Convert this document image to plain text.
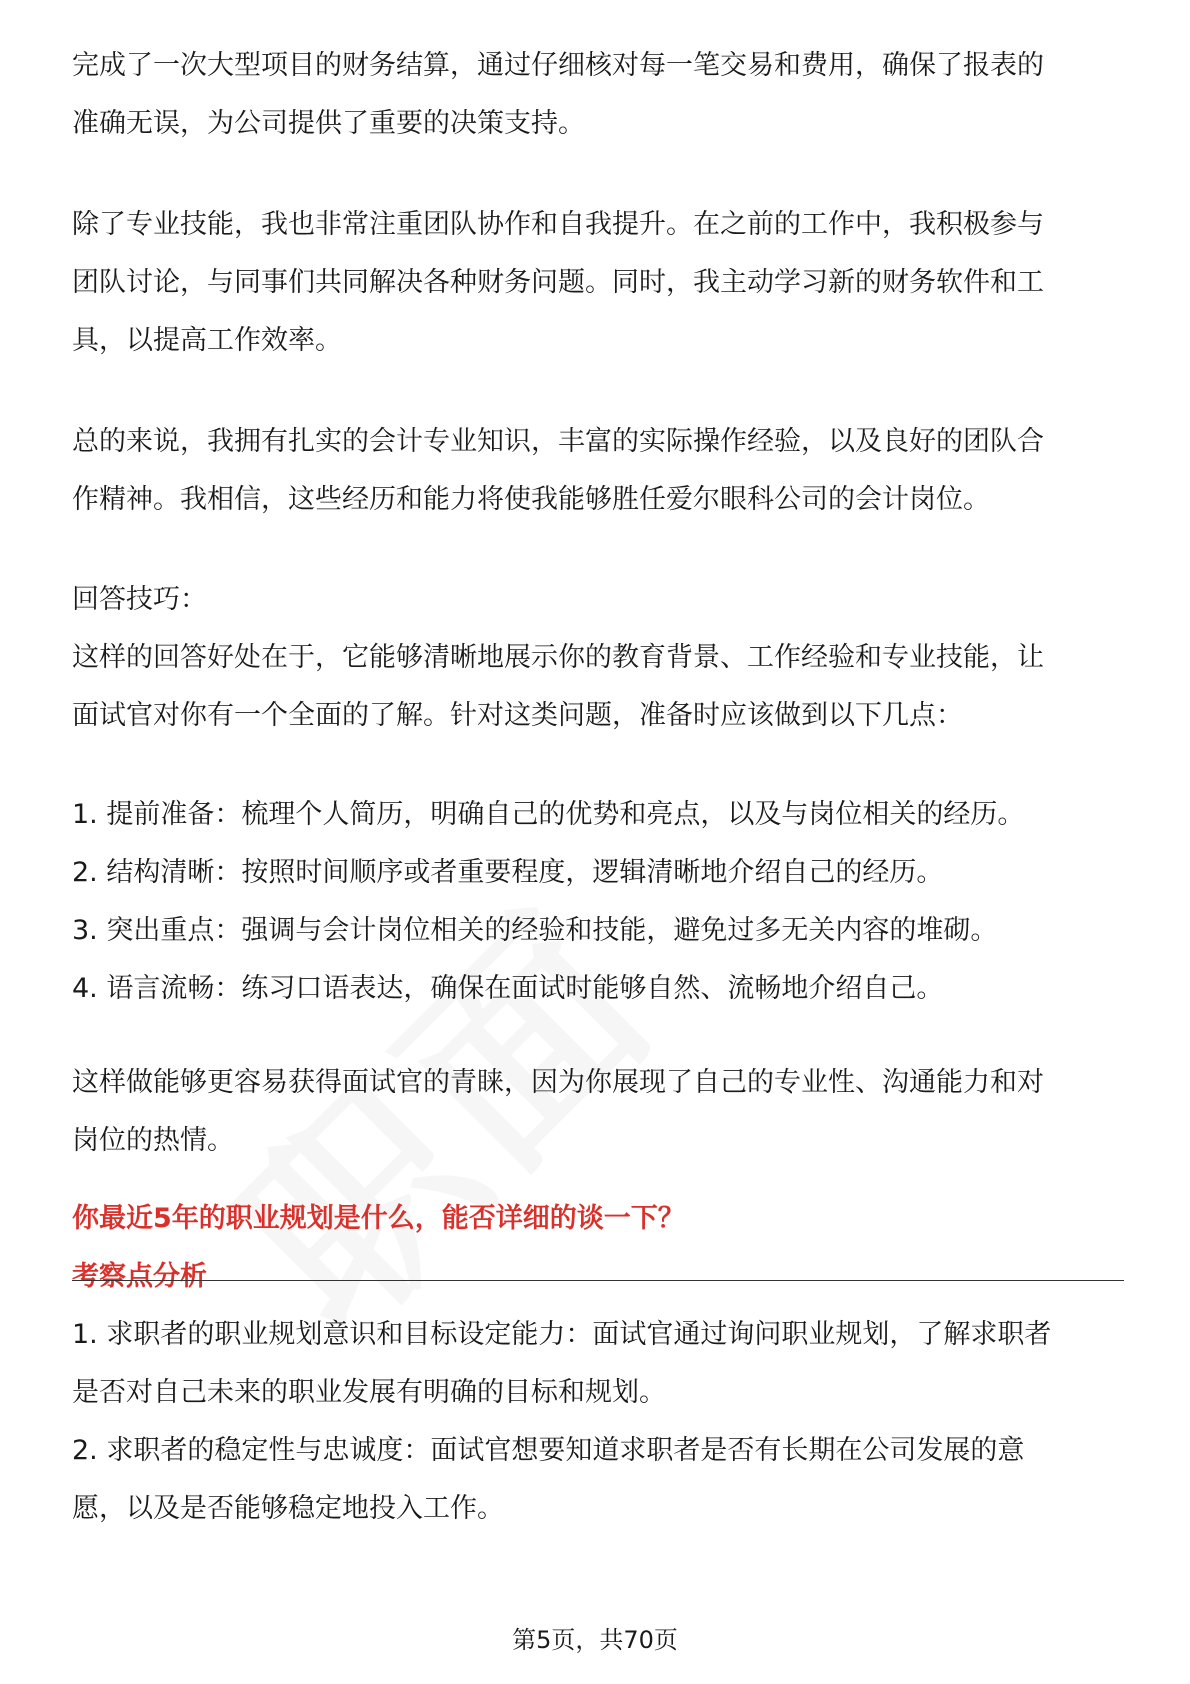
完成了一次大型项目的财务结算，通过仔细核对每一笔交易和费用，确保了报表的
准确无误，为公司提供了重要的决策支持。
除了专业技能，我也非常注重团队协作和自我提升。在之前的工作中，我积极参与
团队讨论，与同事们共同解决各种财务问题。同时，我主动学习新的财务软件和工
具，以提高工作效率。
总的来说，我拥有扎实的会计专业知识，丰富的实际操作经验，以及良好的团队合
作精神。我相信，这些经历和能力将使我能够胜任爱尔眼科公司的会计岗位。
回答技巧：
这样的回答好处在于，它能够清晰地展示你的教育背景、工作经验和专业技能，让
面试官对你有一个全面的了解。针对这类问题，准备时应该做到以下几点：
1. 提前准备：梳理个人简历，明确自己的优势和亮点，以及与岗位相关的经历。
2. 结构清晰：按照时间顺序或者重要程度，逻辑清晰地介绍自己的经历。
3. 突出重点：强调与会计岗位相关的经验和技能，避免过多无关内容的堆砌。
4. 语言流畅：练习口语表达，确保在面试时能够自然、流畅地介绍自己。
这样做能够更容易获得面试官的青睐，因为你展现了自己的专业性、沟通能力和对
岗位的热情。
你最近5年的职业规划是什么，能否详细的谈一下？
考察点分析
1. 求职者的职业规划意识和目标设定能力：面试官通过询问职业规划，了解求职者
是否对自己未来的职业发展有明确的目标和规划。
2. 求职者的稳定性与忠诚度：面试官想要知道求职者是否有长期在公司发展的意
愿，以及是否能够稳定地投入工作。
第5页，共70页
